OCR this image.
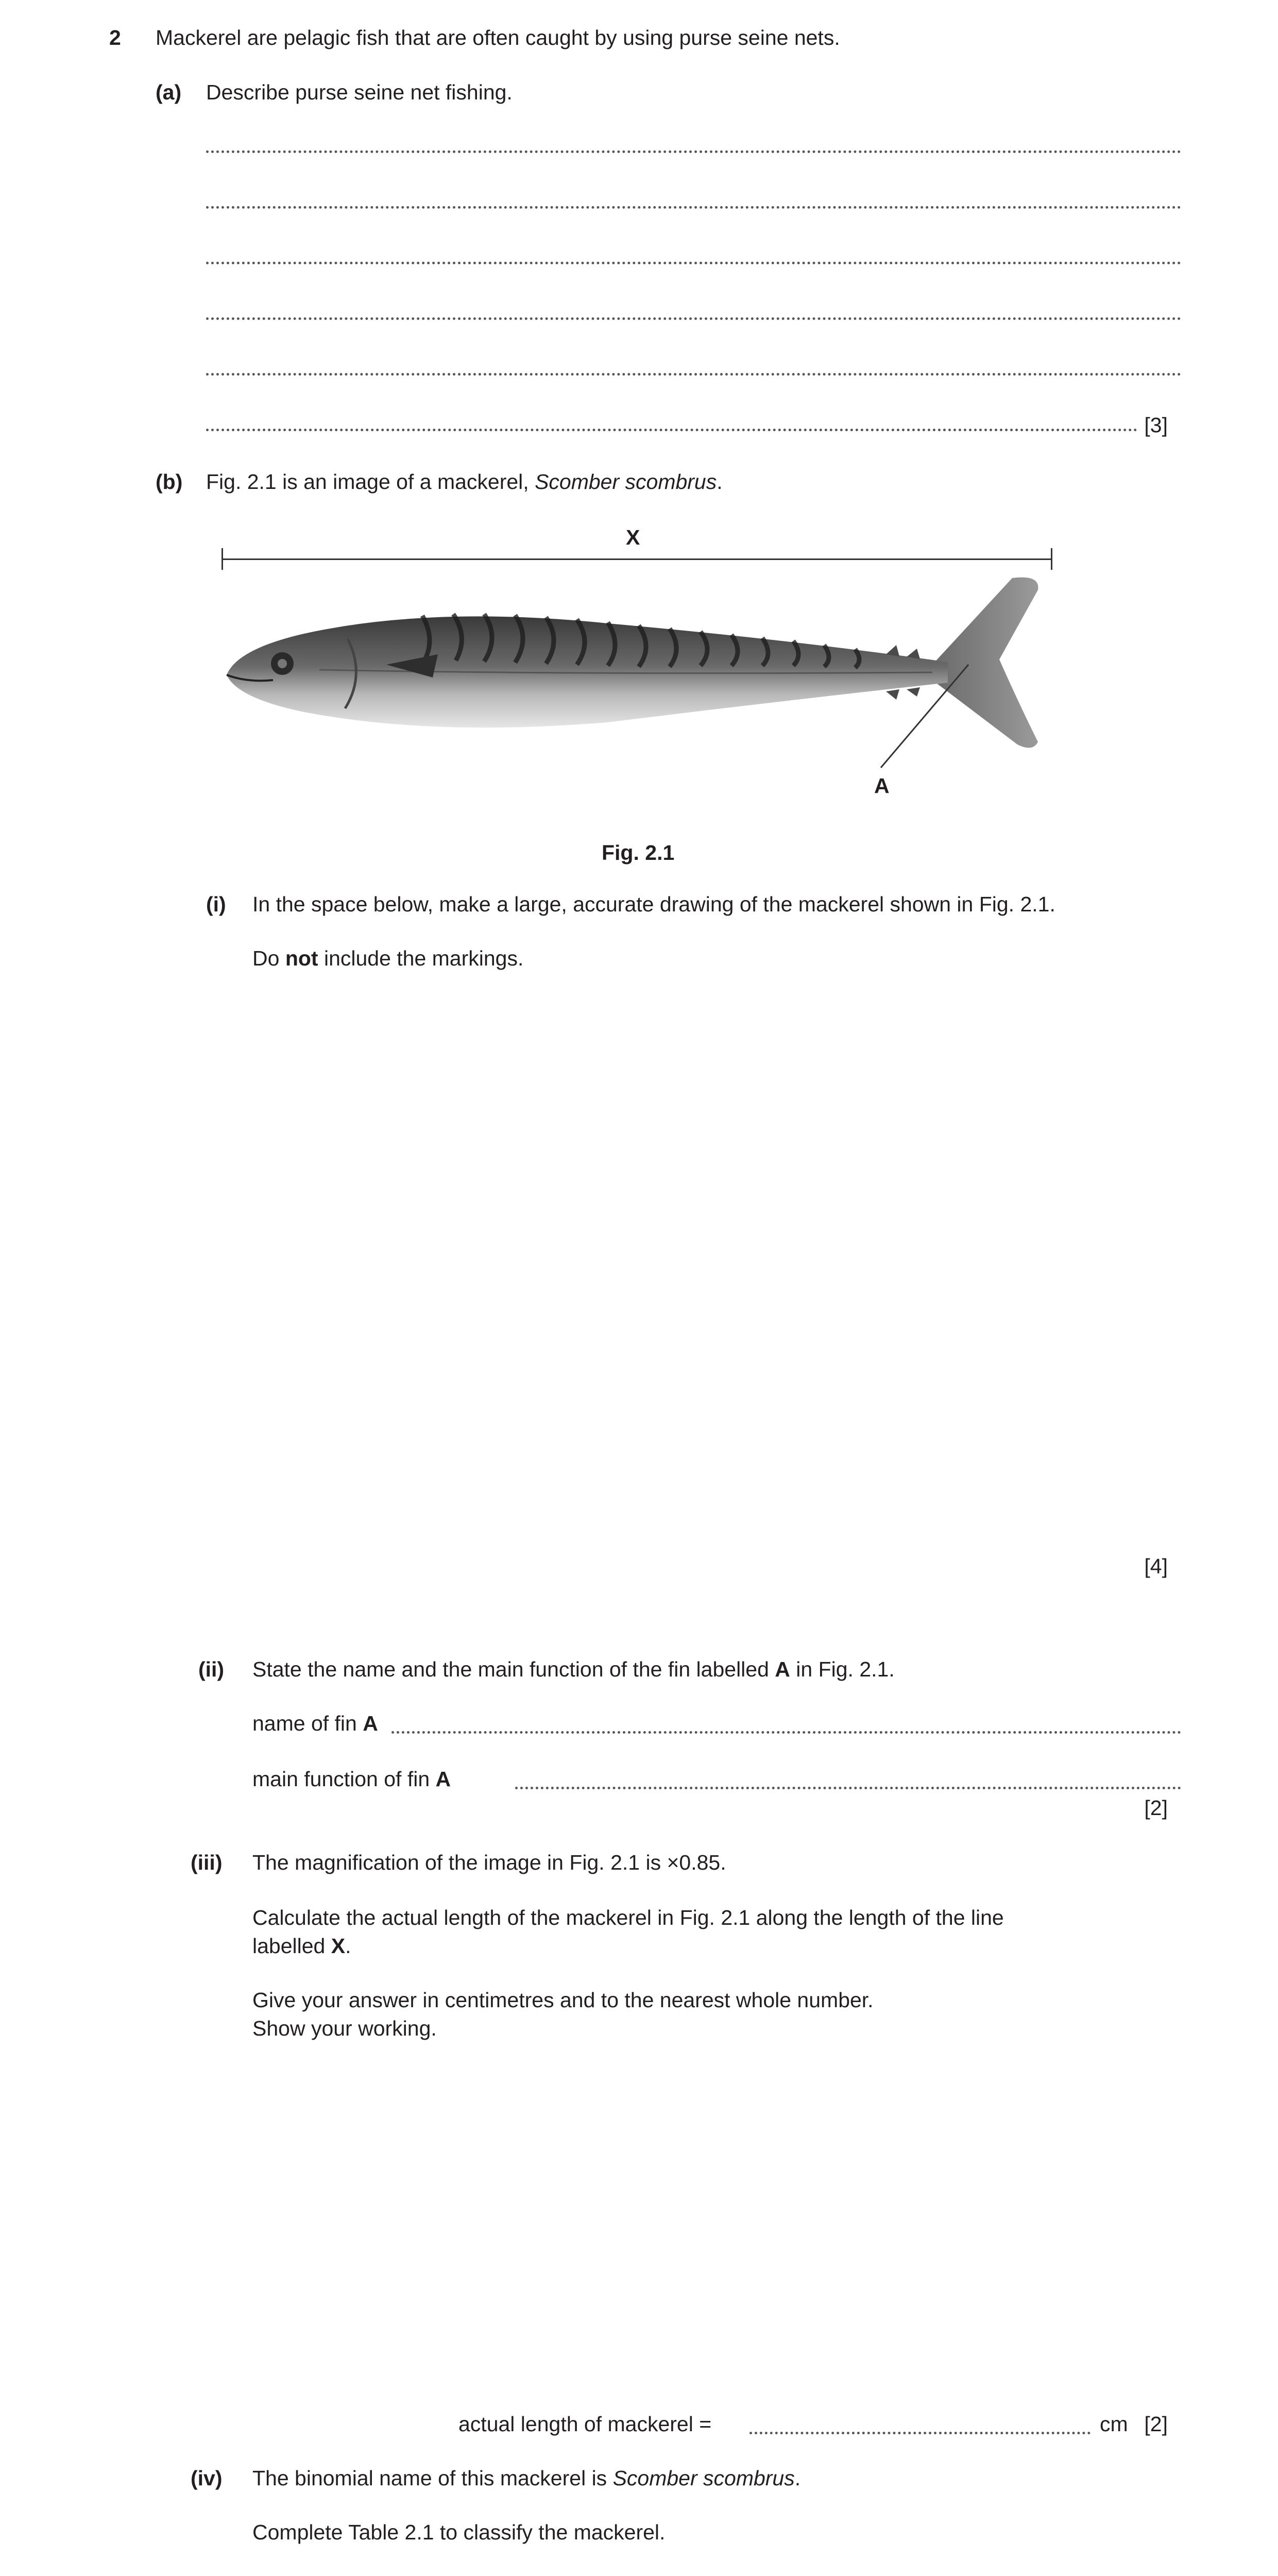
2 Mackerel are pelagic fish that are often caught by using purse seine nets.
(a) Describe purse seine net fishing.
[3]
(b) Fig. 2.1 is an image of a mackerel, Scomber scombrus.
X
A
Fig. 2.1
(i) In the space below, make a large, accurate drawing of the mackerel shown in Fig. 2.1.
Do not include the markings.
[4]
(ii) State the name and the main function of the fin labelled A in Fig. 2.1.
name of fin A
main function of fin A
[2]
(iii) The magnification of the image in Fig. 2.1 is ×0.85.
Calculate the actual length of the mackerel in Fig. 2.1 along the length of the line
labelled X.
Give your answer in centimetres and to the nearest whole number.
Show your working.
actual length of mackerel =	cm [2]
(iv) The binomial name of this mackerel is Scomber scombrus.
Complete Table 2.1 to classify the mackerel.
